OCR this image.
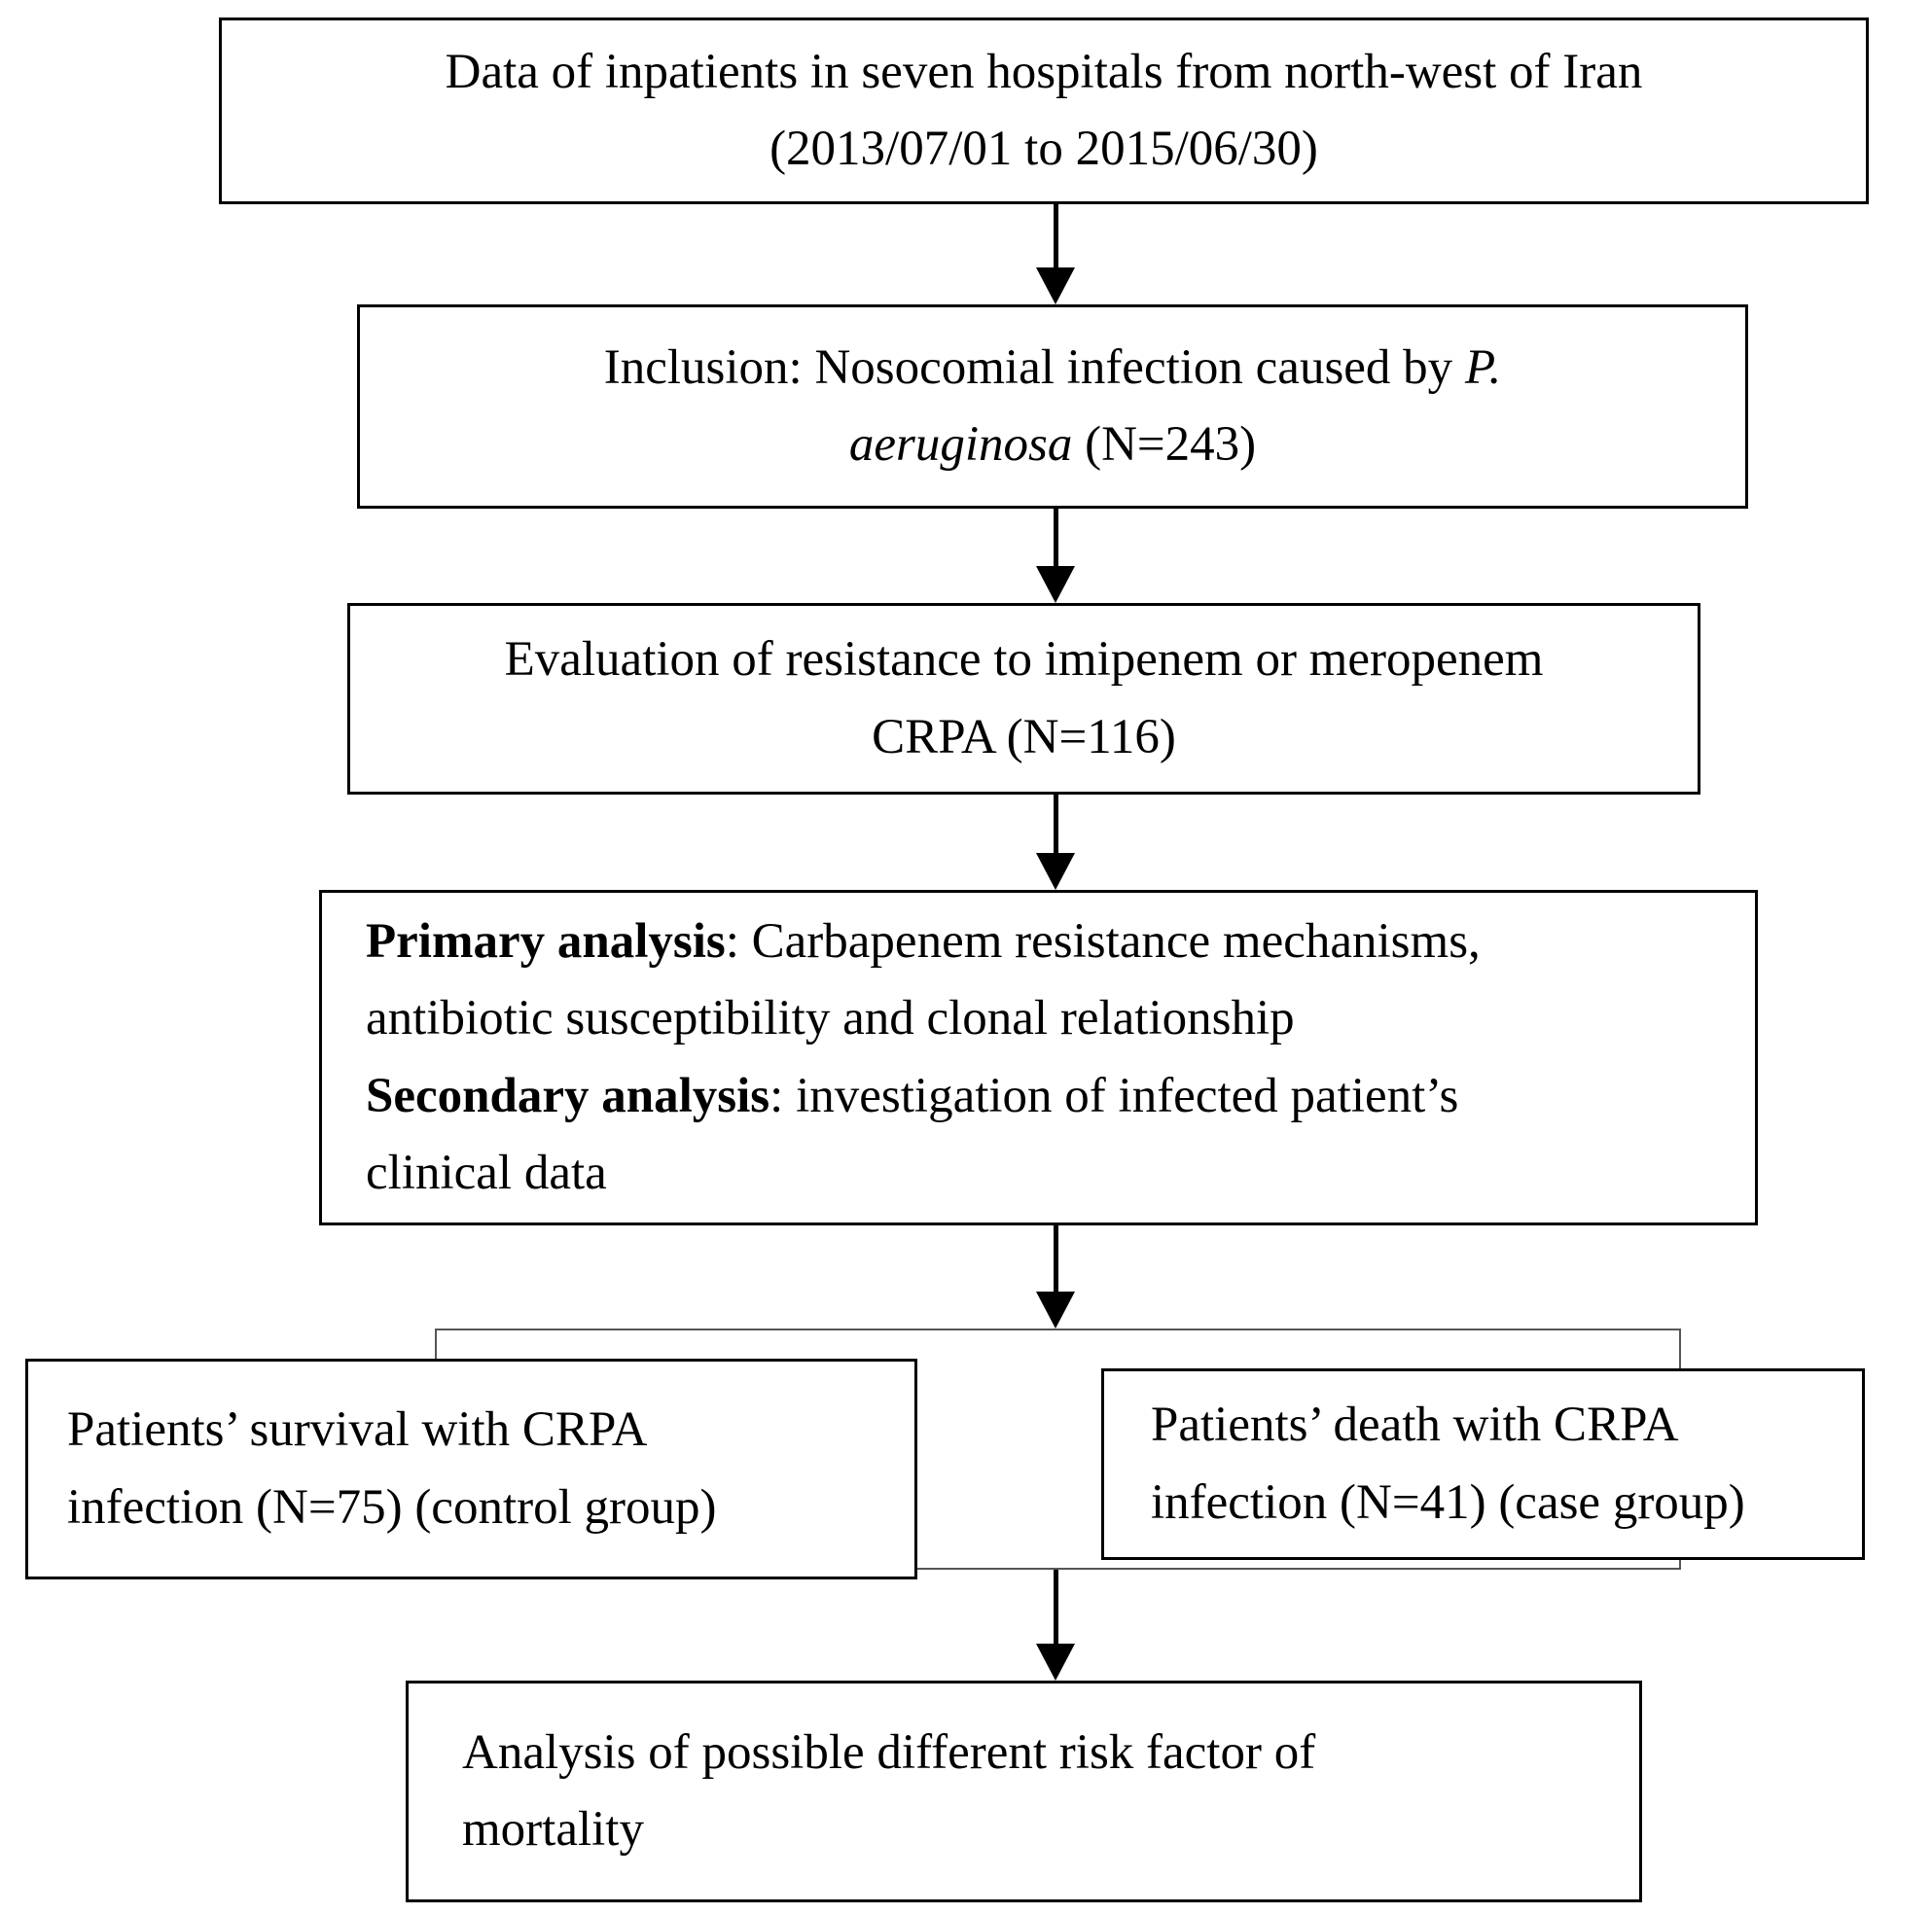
Data of inpatients in seven hospitals from north-west of Iran
(2013/07/01 to 2015/06/30)
Inclusion: Nosocomial infection caused by P.
aeruginosa (N=243)
Evaluation of resistance to imipenem or meropenem
CRPA (N=116)
Primary analysis: Carbapenem resistance mechanisms,
antibiotic susceptibility and clonal relationship
Secondary analysis: investigation of infected patient’s
clinical data
Patients’ survival with CRPA
infection (N=75) (control group)
Patients’ death with CRPA
infection (N=41) (case group)
Analysis of possible different risk factor of
mortality
